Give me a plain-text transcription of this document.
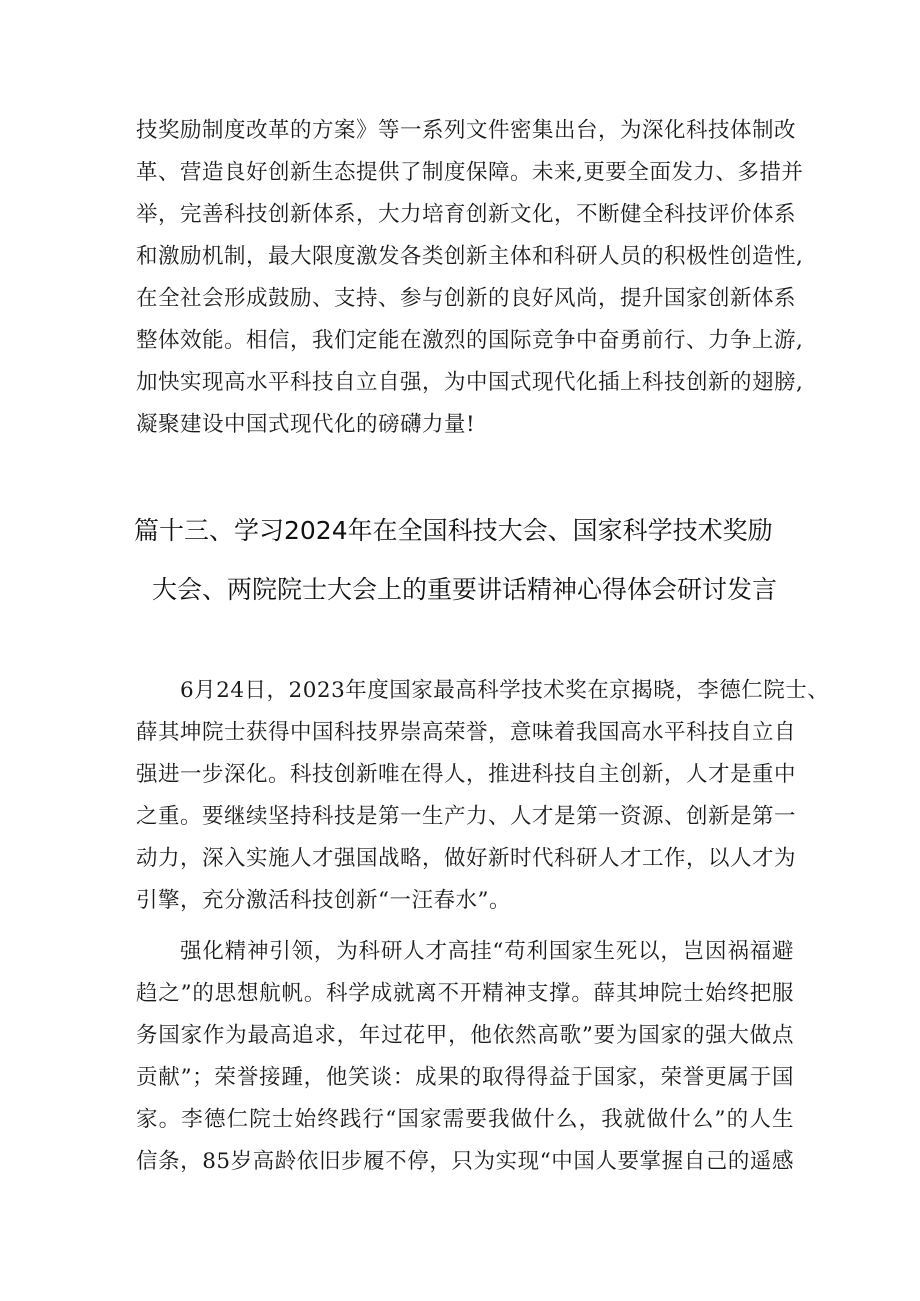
技奖励制度改革的方案》等一系列文件密集出台，为深化科技体制改
革、营造良好创新生态提供了制度保障。未来,更要全面发力、多措并
举，完善科技创新体系，大力培育创新文化，不断健全科技评价体系
和激励机制，最大限度激发各类创新主体和科研人员的积极性创造性,
在全社会形成鼓励、支持、参与创新的良好风尚，提升国家创新体系
整体效能。相信，我们定能在激烈的国际竞争中奋勇前行、力争上游,
加快实现高水平科技自立自强，为中国式现代化插上科技创新的翅膀,
凝聚建设中国式现代化的磅礴力量!
篇十三、学习2024年在全国科技大会、国家科学技术奖励
大会、两院院士大会上的重要讲话精神心得体会研讨发言
6月24日，2023年度国家最高科学技术奖在京揭晓，李德仁院士、
薛其坤院士获得中国科技界崇高荣誉，意味着我国高水平科技自立自
强进一步深化。科技创新唯在得人，推进科技自主创新，人才是重中
之重。要继续坚持科技是第一生产力、人才是第一资源、创新是第一
动力，深入实施人才强国战略，做好新时代科研人才工作，以人才为
引擎，充分激活科技创新“一汪春水”。
强化精神引领，为科研人才高挂“苟利国家生死以，岂因祸福避
趋之”的思想航帆。科学成就离不开精神支撑。薛其坤院士始终把服
务国家作为最高追求，年过花甲，他依然高歌”要为国家的强大做点
贡献”；荣誉接踵，他笑谈：成果的取得得益于国家，荣誉更属于国
家。李德仁院士始终践行“国家需要我做什么，我就做什么”的人生
信条，85岁高龄依旧步履不停，只为实现“中国人要掌握自己的遥感
